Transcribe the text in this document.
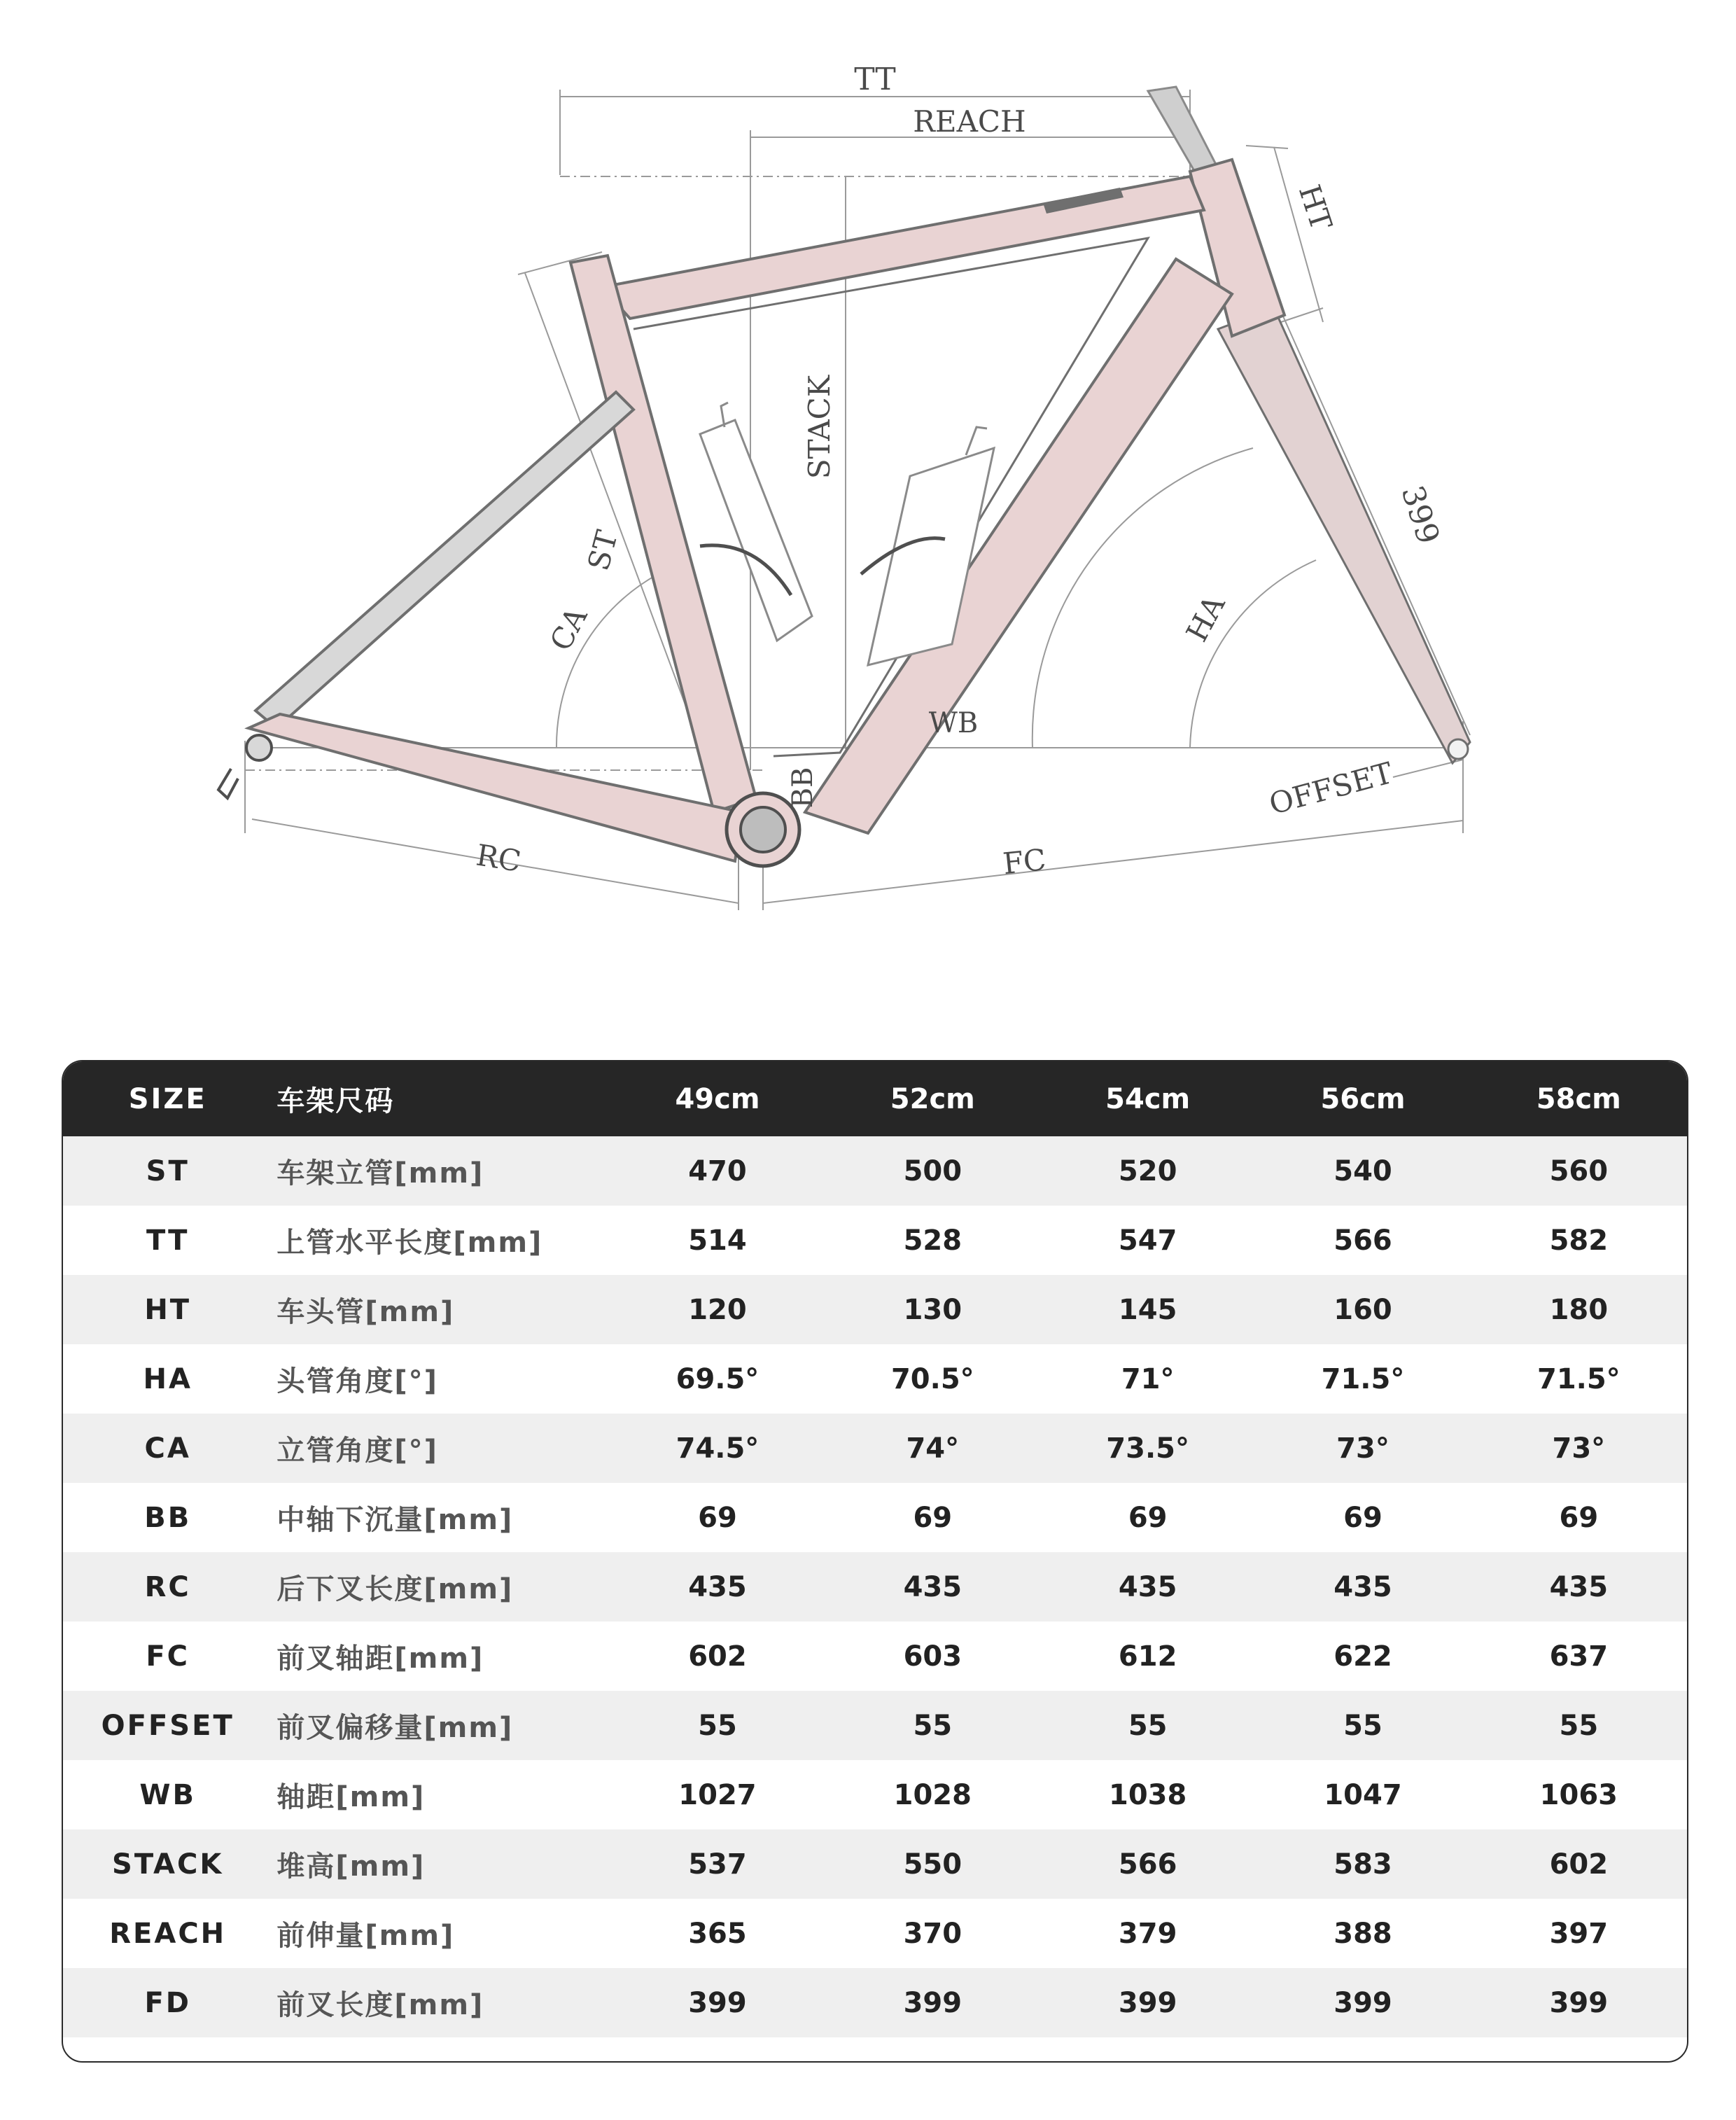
TT
REACH
HT
STACK
ST
CA	HA
399
WB
BB	OFFSET
RC	FC
SIZE	车架尺码	49cm	52cm	54cm	56cm	58cm
ST	车架立管[mm]	470	500	520	540	560
TT	上管水平长度[mm]	514	528	547	566	582
HT	车头管[mm]	120	130	145	160	180
HA	头管角度[°]	69.5°	70.5°	71°	71.5°	71.5°
CA	立管角度[°]	74.5°	74°	73.5°	73°	73°
BB	中轴下沉量[mm]	69	69	69	69	69
RC	后下叉长度[mm]	435	435	435	435	435
FC	前叉轴距[mm]	602	603	612	622	637
OFFSET	前叉偏移量[mm]	55	55	55	55	55
WB	轴距[mm]	1027	1028	1038	1047	1063
STACK	堆高[mm]	537	550	566	583	602
REACH	前伸量[mm]	365	370	379	388	397
FD	前叉长度[mm]	399	399	399	399	399
